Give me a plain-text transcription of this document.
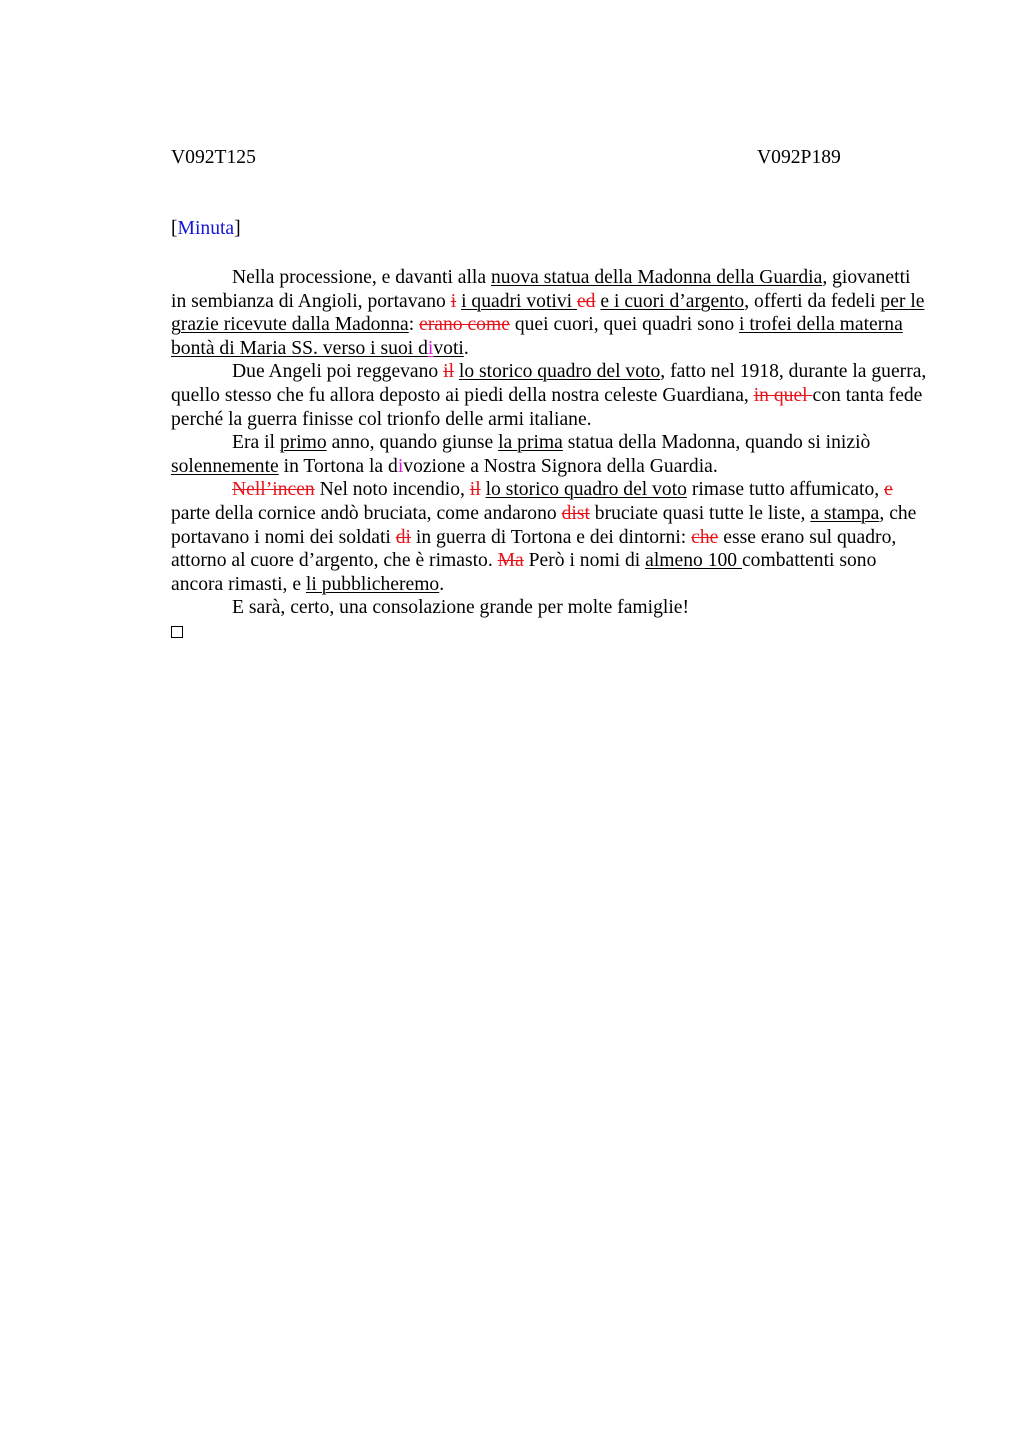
V092T125	V092P189
[Minuta]

Nella processione, e davanti alla nuova statua della Madonna della Guardia, giovanetti in sembianza di Angioli, portavano i i quadri votivi ed e i cuori d’argento, offerti da fedeli per le grazie ricevute dalla Madonna: erano come quei cuori, quei quadri sono i trofei della materna bontà di Maria SS. verso i suoi divoti.

Due Angeli poi reggevano il lo storico quadro del voto, fatto nel 1918, durante la guerra, quello stesso che fu allora deposto ai piedi della nostra celeste Guardiana, in quel con tanta fede perché la guerra finisse col trionfo delle armi italiane.

Era il primo anno, quando giunse la prima statua della Madonna, quando si iniziò solennemente in Tortona la divozione a Nostra Signora della Guardia.

Nell’incen Nel noto incendio, il lo storico quadro del voto rimase tutto affumicato, e parte della cornice andò bruciata, come andarono dist bruciate quasi tutte le liste, a stampa, che portavano i nomi dei soldati di in guerra di Tortona e dei dintorni: che esse erano sul quadro, attorno al cuore d’argento, che è rimasto. Ma Però i nomi di almeno 100 combattenti sono ancora rimasti, e li pubblicheremo.

E sarà, certo, una consolazione grande per molte famiglie!
